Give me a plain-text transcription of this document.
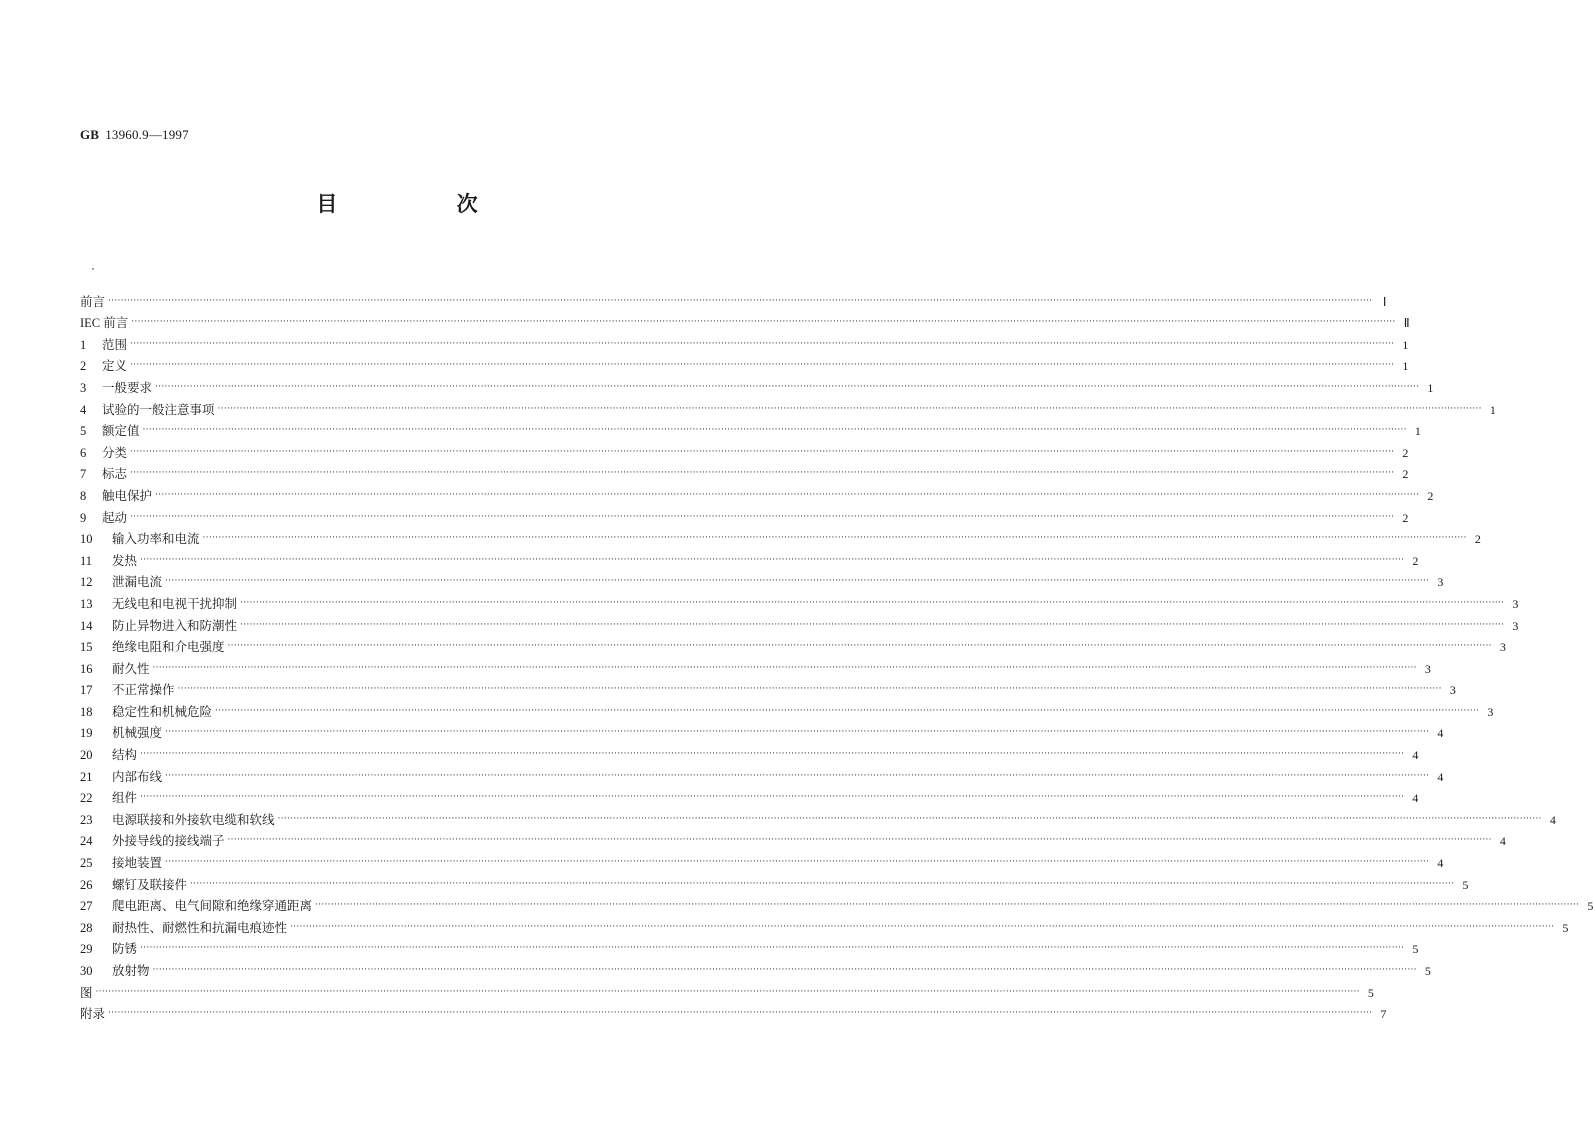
GB 13960.9—1997
目 次
前言 ················································································································································································································································································································································································································ Ⅰ
IEC 前言 ················································································································································································································································································································································································································ Ⅱ
1	范围 ················································································································································································································································································································································································································ 1
2	定义 ················································································································································································································································································································································································································ 1
3	一般要求 ················································································································································································································································································································································································································ 1
4	试验的一般注意事项 ················································································································································································································································································································································································································ 1
5	额定值 ················································································································································································································································································································································································································ 1
6	分类 ················································································································································································································································································································································································································ 2
7	标志 ················································································································································································································································································································································································································ 2
8	触电保护 ················································································································································································································································································································································································································ 2
9	起动 ················································································································································································································································································································································································································ 2
10	输入功率和电流 ················································································································································································································································································································································································································ 2
11	发热 ················································································································································································································································································································································································································ 2
12	泄漏电流 ················································································································································································································································································································································································································ 3
13	无线电和电视干扰抑制 ················································································································································································································································································································································································································ 3
14	防止异物进入和防潮性 ················································································································································································································································································································································································································ 3
15	绝缘电阻和介电强度 ················································································································································································································································································································································································································ 3
16	耐久性 ················································································································································································································································································································································································································ 3
17	不正常操作 ················································································································································································································································································································································································································ 3
18	稳定性和机械危险 ················································································································································································································································································································································································································ 3
19	机械强度 ················································································································································································································································································································································································································ 4
20	结构 ················································································································································································································································································································································································································ 4
21	内部布线 ················································································································································································································································································································································································································ 4
22	组件 ················································································································································································································································································································································································································ 4
23	电源联接和外接软电缆和软线 ················································································································································································································································································································································································································ 4
24	外接导线的接线端子 ················································································································································································································································································································································································································ 4
25	接地装置 ················································································································································································································································································································································································································ 4
26	螺钉及联接件 ················································································································································································································································································································································································································ 5
27	爬电距离、电气间隙和绝缘穿通距离 ················································································································································································································································································································································································································ 5
28	耐热性、耐燃性和抗漏电痕迹性 ················································································································································································································································································································································································································ 5
29	防锈 ················································································································································································································································································································································································································ 5
30	放射物 ················································································································································································································································································································································································································ 5
图 ················································································································································································································································································································································································································ 5
附录 ················································································································································································································································································································································································································ 7
